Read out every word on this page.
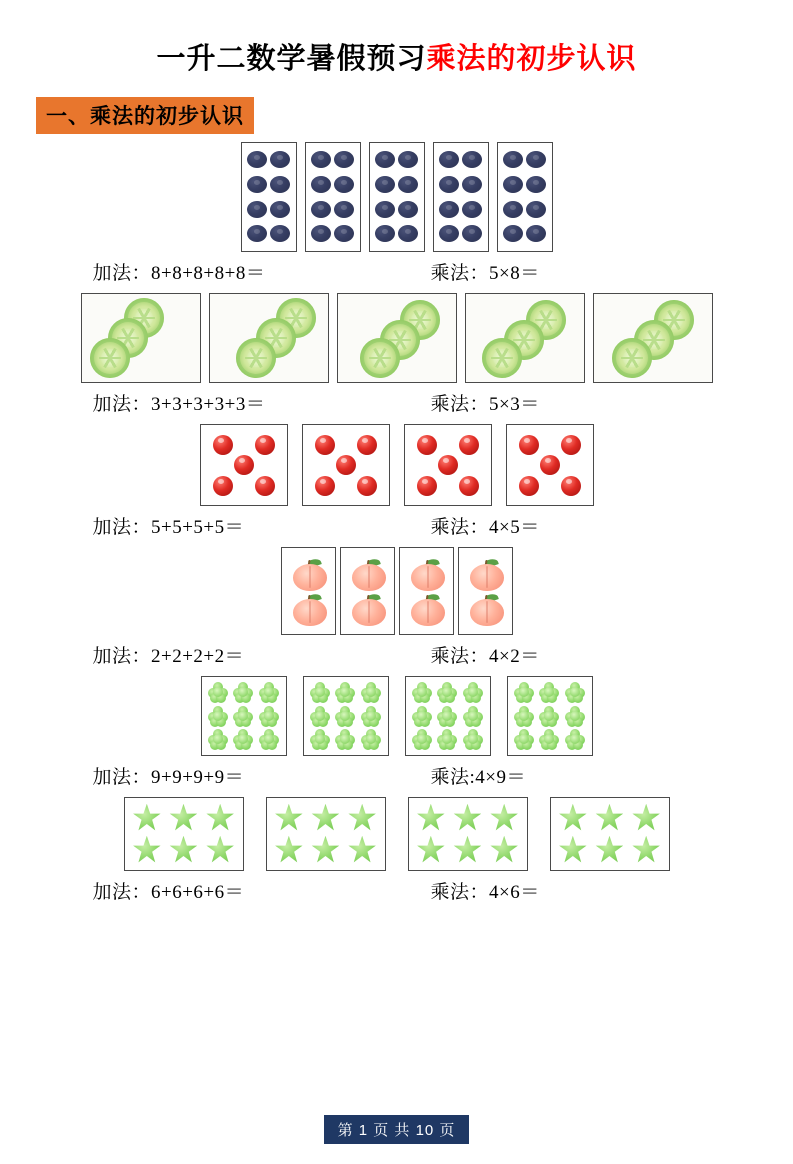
一升二数学暑假预习乘法的初步认识
一、乘法的初步认识
加法：8+8+8+8+8＝	乘法：5×8＝
加法：3+3+3+3+3＝	乘法：5×3＝
加法：5+5+5+5＝	乘法：4×5＝
加法：2+2+2+2＝	乘法：4×2＝
加法：9+9+9+9＝	乘法:4×9＝
加法：6+6+6+6＝	乘法：4×6＝
第 1 页 共 10 页
